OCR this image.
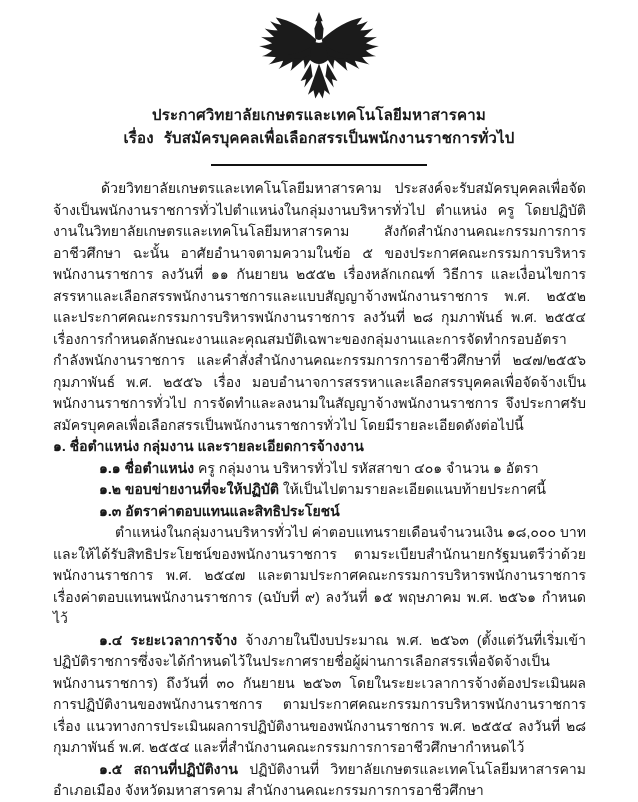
ประกาศวิทยาลัยเกษตรและเทคโนโลยีมหาสารคาม
เรื่อง รับสมัครบุคคลเพื่อเลือกสรรเป็นพนักงานราชการทั่วไป

ด้วยวิทยาลัยเกษตรและเทคโนโลยีมหาสารคาม ประสงค์จะรับสมัครบุคคลเพื่อจัดจ้างเป็นพนักงานราชการทั่วไปตำแหน่งในกลุ่มงานบริหารทั่วไป ตำแหน่ง ครู โดยปฏิบัติงานในวิทยาลัยเกษตรและเทคโนโลยีมหาสารคาม สังกัดสำนักงานคณะกรรมการการอาชีวศึกษา ฉะนั้น อาศัยอำนาจตามความในข้อ ๕ ของประกาศคณะกรรมการบริหารพนักงานราชการ ลงวันที่ ๑๑ กันยายน ๒๕๕๒ เรื่องหลักเกณฑ์ วิธีการ และเงื่อนไขการสรรหาและเลือกสรรพนักงานราชการและแบบสัญญาจ้างพนักงานราชการ พ.ศ. ๒๕๕๒ และประกาศคณะกรรมการบริหารพนักงานราชการ ลงวันที่ ๒๘ กุมภาพันธ์ พ.ศ. ๒๕๕๔ เรื่องการกำหนดลักษณะงานและคุณสมบัติเฉพาะของกลุ่มงานและการจัดทำกรอบอัตรากำลังพนักงานราชการ และคำสั่งสำนักงานคณะกรรมการการอาชีวศึกษาที่ ๒๔๗/๒๕๕๖ กุมภาพันธ์ พ.ศ. ๒๕๕๖ เรื่อง มอบอำนาจการสรรหาและเลือกสรรบุคคลเพื่อจัดจ้างเป็นพนักงานราชการทั่วไป การจัดทำและลงนามในสัญญาจ้างพนักงานราชการ จึงประกาศรับสมัครบุคคลเพื่อเลือกสรรเป็นพนักงานราชการทั่วไป โดยมีรายละเอียดดังต่อไปนี้

๑. ชื่อตำแหน่ง กลุ่มงาน และรายละเอียดการจ้างงาน

๑.๑ ชื่อตำแหน่ง ครู กลุ่มงาน บริหารทั่วไป รหัสสาขา ๔๐๑ จำนวน ๑ อัตรา

๑.๒ ขอบข่ายงานที่จะให้ปฏิบัติ ให้เป็นไปตามรายละเอียดแนบท้ายประกาศนี้

๑.๓ อัตราค่าตอบแทนและสิทธิประโยชน์

ตำแหน่งในกลุ่มงานบริหารทั่วไป ค่าตอบแทนรายเดือนจำนวนเงิน ๑๘,๐๐๐ บาท และให้ได้รับสิทธิประโยชน์ของพนักงานราชการ ตามระเบียบสำนักนายกรัฐมนตรีว่าด้วยพนักงานราชการ พ.ศ. ๒๕๔๗ และตามประกาศคณะกรรมการบริหารพนักงานราชการเรื่องค่าตอบแทนพนักงานราชการ (ฉบับที่ ๙) ลงวันที่ ๑๕ พฤษภาคม พ.ศ. ๒๕๖๑ กำหนดไว้

๑.๔ ระยะเวลาการจ้าง จ้างภายในปีงบประมาณ พ.ศ. ๒๕๖๓ (ตั้งแต่วันที่เริ่มเข้าปฏิบัติราชการซึ่งจะได้กำหนดไว้ในประกาศรายชื่อผู้ผ่านการเลือกสรรเพื่อจัดจ้างเป็นพนักงานราชการ) ถึงวันที่ ๓๐ กันยายน ๒๕๖๓ โดยในระยะเวลาการจ้างต้องประเมินผลการปฏิบัติงานของพนักงานราชการ ตามประกาศคณะกรรมการบริหารพนักงานราชการ เรื่อง แนวทางการประเมินผลการปฏิบัติงานของพนักงานราชการ พ.ศ. ๒๕๕๔ ลงวันที่ ๒๘ กุมภาพันธ์ พ.ศ. ๒๕๕๔ และที่สำนักงานคณะกรรมการการอาชีวศึกษากำหนดไว้

๑.๕ สถานที่ปฏิบัติงาน ปฏิบัติงานที่ วิทยาลัยเกษตรและเทคโนโลยีมหาสารคาม อำเภอเมือง จังหวัดมหาสารคาม สำนักงานคณะกรรมการการอาชีวศึกษา
